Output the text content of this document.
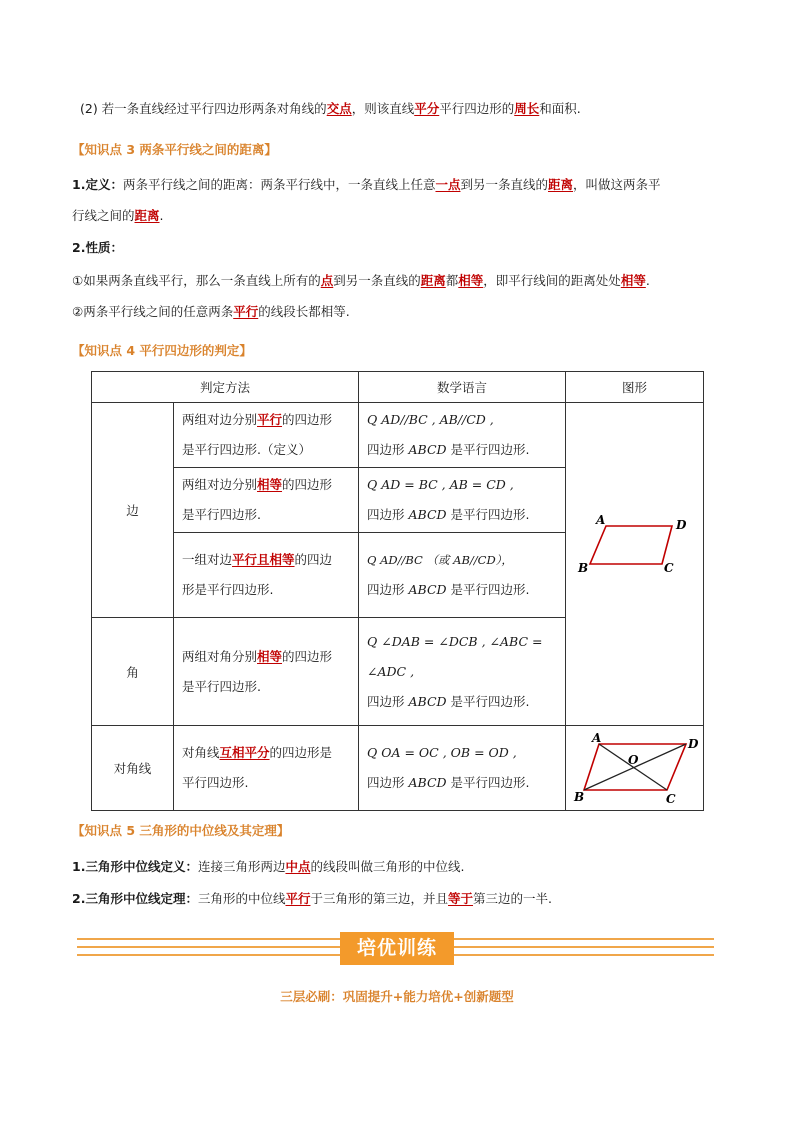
(2) 若一条直线经过平行四边形两条对角线的交点，则该直线平分平行四边形的周长和面积.
【知识点 3 两条平行线之间的距离】
1.定义：两条平行线之间的距离：两条平行线中，一条直线上任意一点到另一条直线的距离，叫做这两条平
行线之间的距离.
2.性质：
①如果两条直线平行，那么一条直线上所有的点到另一条直线的距离都相等，即平行线间的距离处处相等.
②两条平行线之间的任意两条平行的线段长都相等.
【知识点 4 平行四边形的判定】
判定方法		数学语言	图形
边	两组对边分别平行的四边形
是平行四边形.（定义）	Q AD//BC , AB//CD ,
四边形 ABCD 是平行四边形.	A D
B C

	两组对边分别相等的四边形
是平行四边形.	Q AD = BC , AB = CD ,
四边形 ABCD 是平行四边形.	

	一组对边平行且相等的四边
形是平行四边形.	Q AD//BC （或 AB//CD），
四边形 ABCD 是平行四边形.	

角	两组对角分别相等的四边形
是平行四边形.	Q ∠DAB = ∠DCB , ∠ABC =
∠ADC ,
四边形 ABCD 是平行四边形.	

对角线	对角线互相平分的四边形是
平行四边形.	Q OA = OC , OB = OD ,
四边形 ABCD 是平行四边形.	A D
B C
O
【知识点 5 三角形的中位线及其定理】
1.三角形中位线定义：连接三角形两边中点的线段叫做三角形的中位线.
2.三角形中位线定理：三角形的中位线平行于三角形的第三边，并且等于第三边的一半.
培优训练
三层必刷：巩固提升+能力培优+创新题型
